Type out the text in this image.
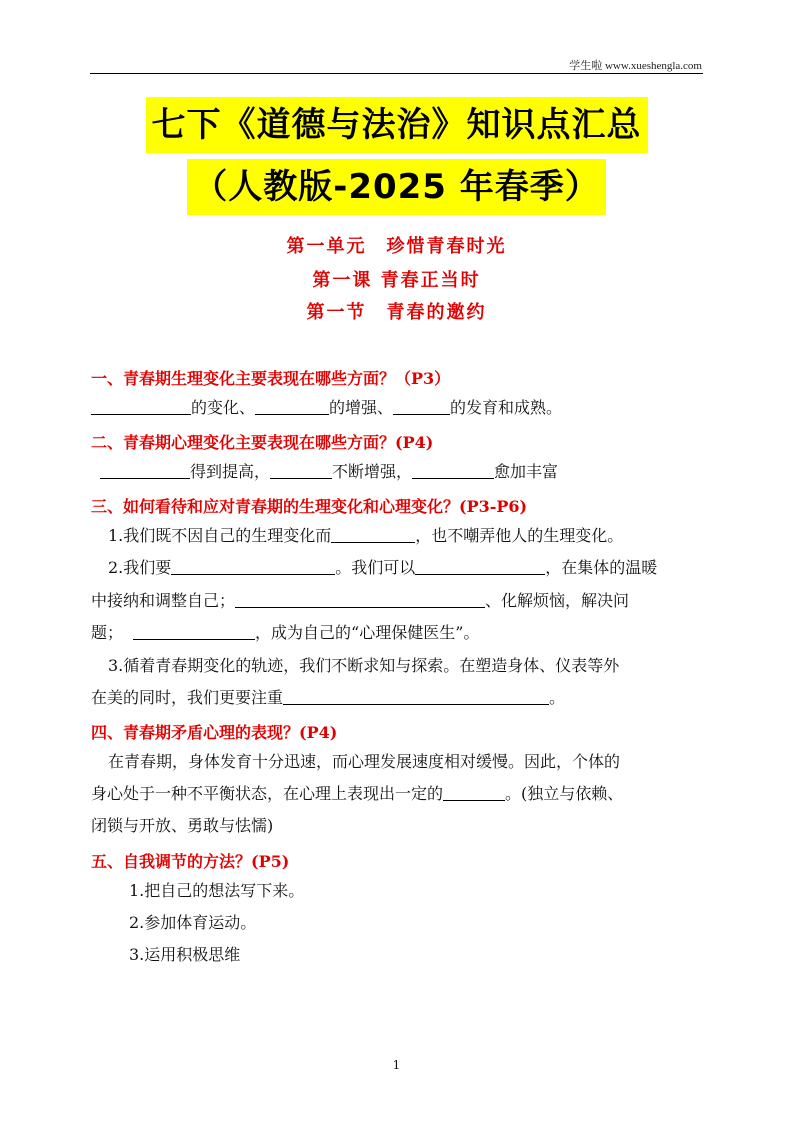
学生啦 www.xueshengla.com
七下《道德与法治》知识点汇总
（人教版-2025 年春季）
第一单元　珍惜青春时光
第一课 青春正当时
第一节　青春的邀约
一、青春期生理变化主要表现在哪些方面？（P3）
的变化、	的增强、	的发育和成熟。
二、青春期心理变化主要表现在哪些方面？(P4)
得到提高，	不断增强，	愈加丰富
三、如何看待和应对青春期的生理变化和心理变化？(P3-P6)
1.我们既不因自己的生理变化而	，也不嘲弄他人的生理变化。
2.我们要	。我们可以	，在集体的温暖
中接纳和调整自己；	、化解烦恼，解决问
题；	，成为自己的“心理保健医生”。
3.循着青春期变化的轨迹，我们不断求知与探索。在塑造身体、仪表等外
在美的同时，我们更要注重	。
四、青春期矛盾心理的表现？(P4)
在青春期，身体发育十分迅速，而心理发展速度相对缓慢。因此，个体的
身心处于一种不平衡状态，在心理上表现出一定的	。(独立与依赖、
闭锁与开放、勇敢与怯懦)
五、自我调节的方法？(P5)
1.把自己的想法写下来。
2.参加体育运动。
3.运用积极思维
1
